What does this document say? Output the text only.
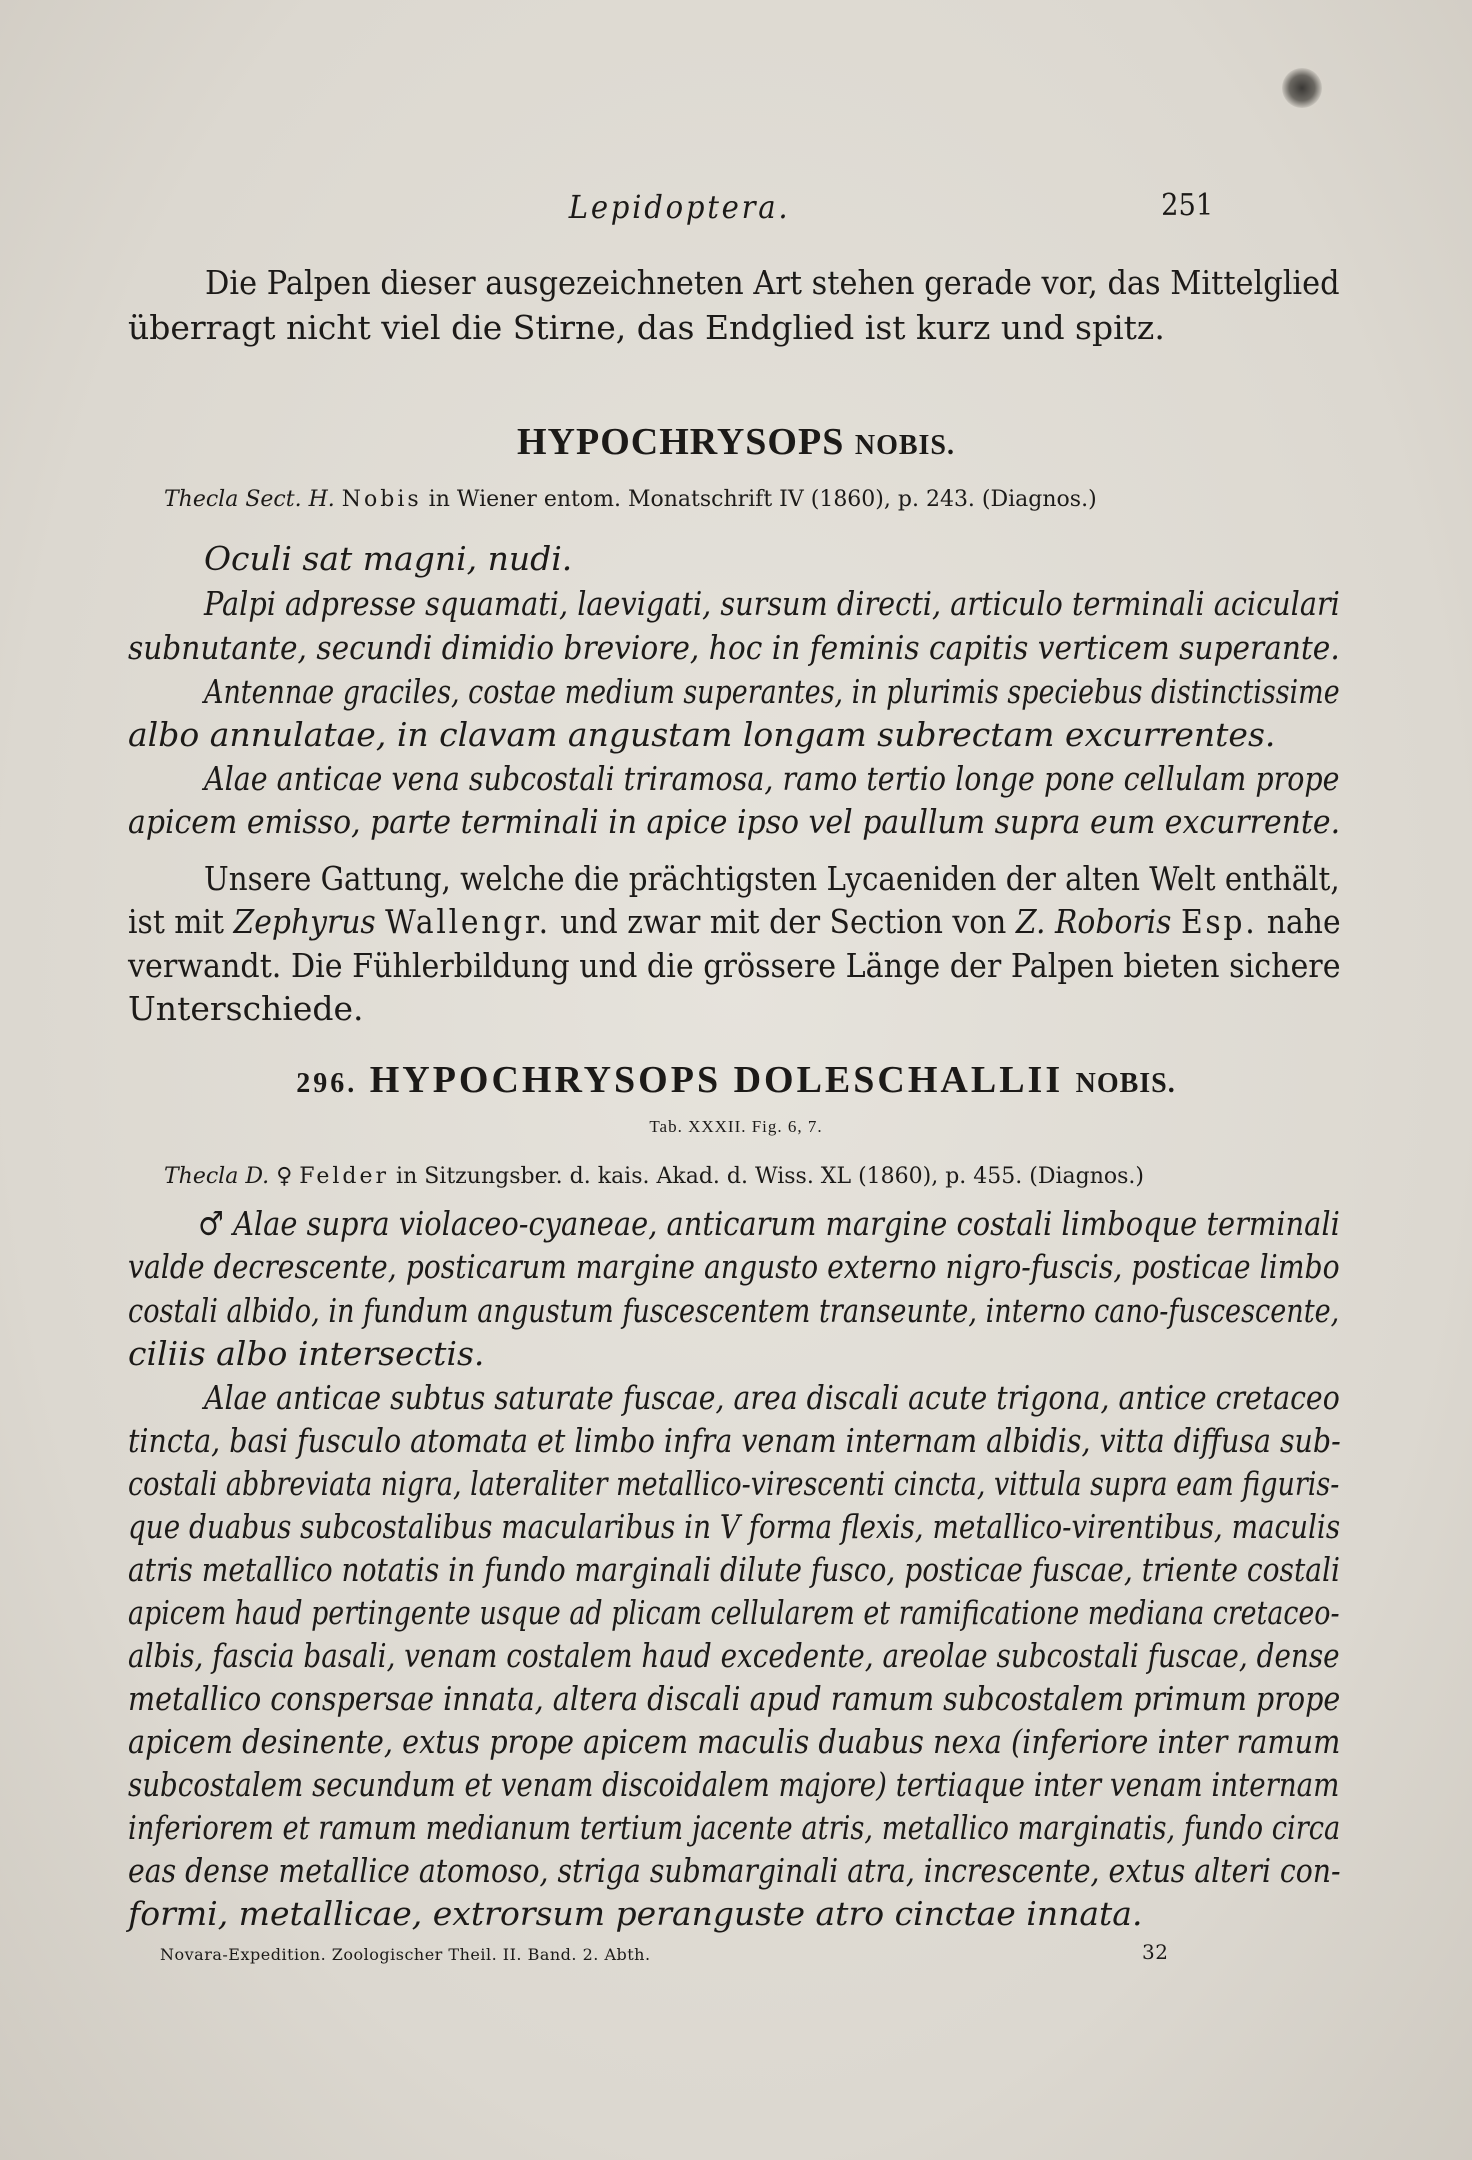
Lepidoptera.	251
Die Palpen dieser ausgezeichneten Art stehen gerade vor, das Mittelglied
überragt nicht viel die Stirne, das Endglied ist kurz und spitz.
HYPOCHRYSOPS NOBIS.
Thecla Sect. H. Nobis in Wiener entom. Monatschrift IV (1860), p. 243. (Diagnos.)
Oculi sat magni, nudi.
Palpi adpresse squamati, laevigati, sursum directi, articulo terminali aciculari
subnutante, secundi dimidio breviore, hoc in feminis capitis verticem superante.
Antennae graciles, costae medium superantes, in plurimis speciebus distinctissime
albo annulatae, in clavam angustam longam subrectam excurrentes.
Alae anticae vena subcostali triramosa, ramo tertio longe pone cellulam prope
apicem emisso, parte terminali in apice ipso vel paullum supra eum excurrente.
Unsere Gattung, welche die prächtigsten Lycaeniden der alten Welt enthält,
ist mit Zephyrus Wallengr. und zwar mit der Section von Z. Roboris Esp. nahe
verwandt. Die Fühlerbildung und die grössere Länge der Palpen bieten sichere
Unterschiede.
296. HYPOCHRYSOPS DOLESCHALLII NOBIS.
Tab. XXXII. Fig. 6, 7.
Thecla D. ♀ Felder in Sitzungsber. d. kais. Akad. d. Wiss. XL (1860), p. 455. (Diagnos.)
♂ Alae supra violaceo-cyaneae, anticarum margine costali limboque terminali
valde decrescente, posticarum margine angusto externo nigro-fuscis, posticae limbo
costali albido, in fundum angustum fuscescentem transeunte, interno cano-fuscescente,
ciliis albo intersectis.
Alae anticae subtus saturate fuscae, area discali acute trigona, antice cretaceo
tincta, basi fusculo atomata et limbo infra venam internam albidis, vitta diffusa sub-
costali abbreviata nigra, lateraliter metallico-virescenti cincta, vittula supra eam figuris-
que duabus subcostalibus macularibus in V forma flexis, metallico-virentibus, maculis
atris metallico notatis in fundo marginali dilute fusco, posticae fuscae, triente costali
apicem haud pertingente usque ad plicam cellularem et ramificatione mediana cretaceo-
albis, fascia basali, venam costalem haud excedente, areolae subcostali fuscae, dense
metallico conspersae innata, altera discali apud ramum subcostalem primum prope
apicem desinente, extus prope apicem maculis duabus nexa (inferiore inter ramum
subcostalem secundum et venam discoidalem majore) tertiaque inter venam internam
inferiorem et ramum medianum tertium jacente atris, metallico marginatis, fundo circa
eas dense metallice atomoso, striga submarginali atra, increscente, extus alteri con-
formi, metallicae, extrorsum peranguste atro cinctae innata.
Novara-Expedition. Zoologischer Theil. II. Band. 2. Abth.	32
